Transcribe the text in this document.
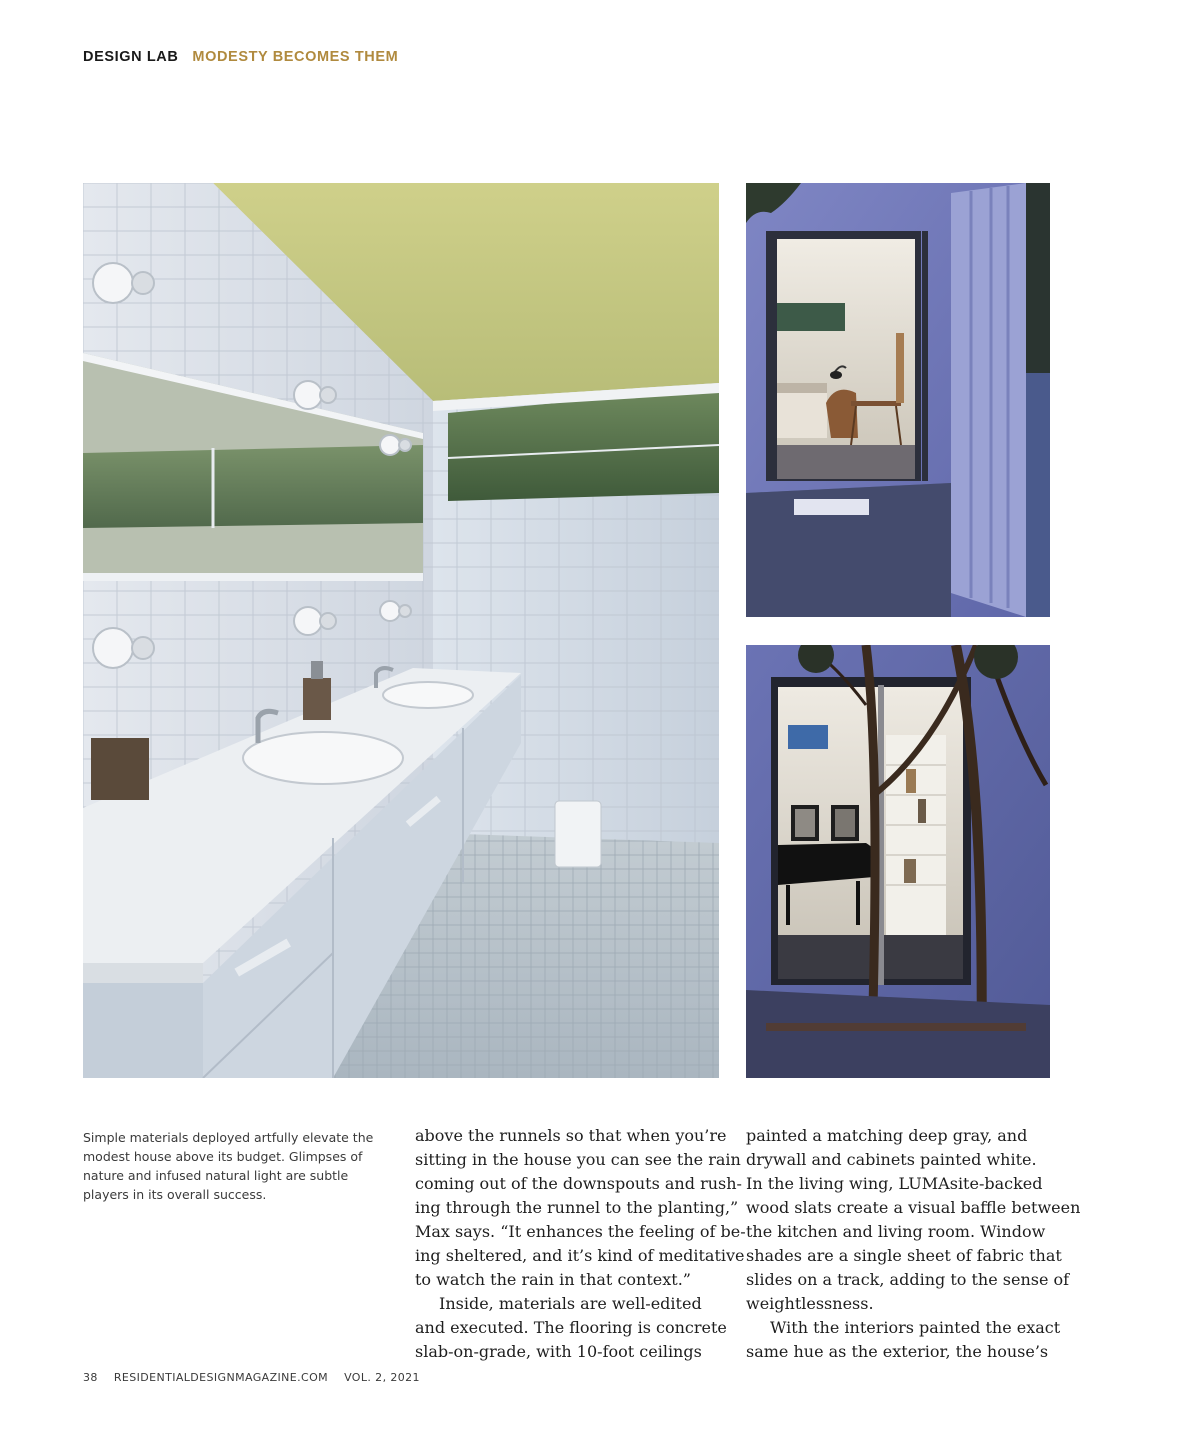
DESIGN LAB MODESTY BECOMES THEM
Simple materials deployed artfully elevate the modest house above its budget. Glimpses of nature and infused natural light are subtle players in its overall success.
above the runnels so that when you’re
sitting in the house you can see the rain
coming out of the downspouts and rush-
ing through the runnel to the planting,”
Max says. “It enhances the feeling of be-
ing sheltered, and it’s kind of meditative
to watch the rain in that context.”
Inside, materials are well-edited
and executed. The flooring is concrete
slab-on-grade, with 10-foot ceilings
painted a matching deep gray, and
drywall and cabinets painted white.
In the living wing, LUMAsite-backed
wood slats create a visual baffle between
the kitchen and living room. Window
shades are a single sheet of fabric that
slides on a track, adding to the sense of
weightlessness.
With the interiors painted the exact
same hue as the exterior, the house’s
38 RESIDENTIALDESIGNMAGAZINE.COM VOL. 2, 2021
